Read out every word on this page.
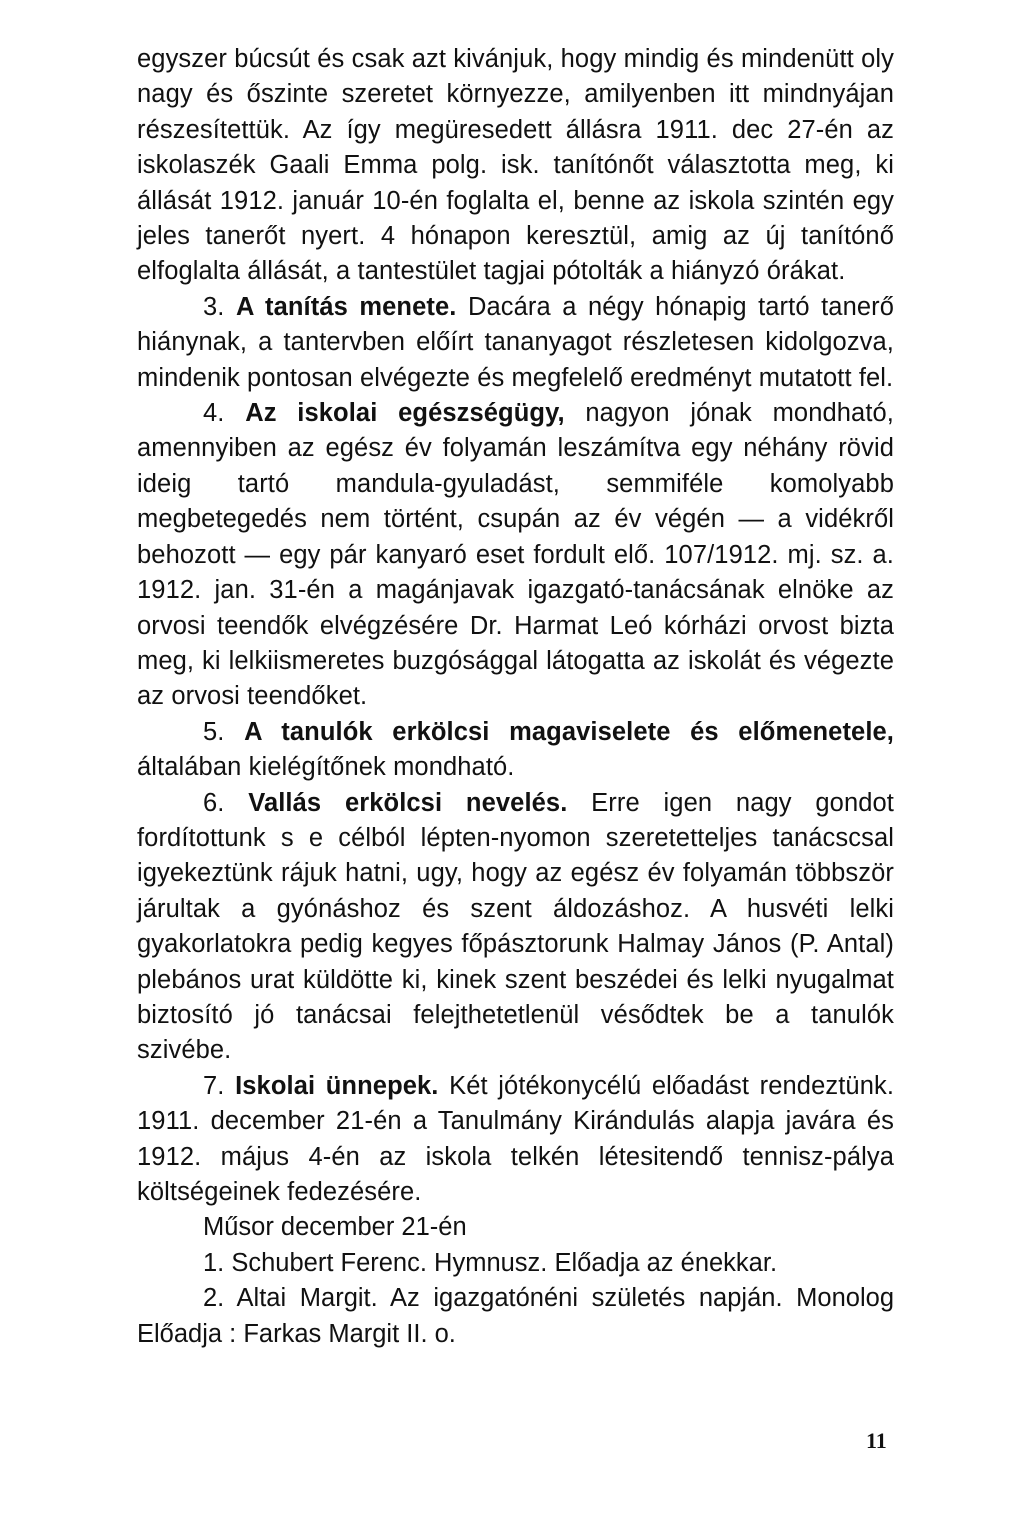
egyszer búcsút és csak azt kivánjuk, hogy mindig és mindenütt oly nagy és őszinte szeretet környezze, amilyenben itt mindnyájan részesítettük. Az így megüresedett állásra 1911. dec 27-én az iskolaszék Gaali Emma polg. isk. tanítónőt választotta meg, ki állását 1912. január 10-én foglalta el, benne az iskola szintén egy jeles tanerőt nyert. 4 hónapon keresztül, amig az új tanítónő elfoglalta állását, a tantestület tagjai pótolták a hiányzó órákat.

3. A tanítás menete. Dacára a négy hónapig tartó tanerő hiánynak, a tantervben előírt tananyagot részletesen kidolgozva, mindenik pontosan elvégezte és megfelelő eredményt mutatott fel.

4. Az iskolai egészségügy, nagyon jónak mondható, amennyiben az egész év folyamán leszámítva egy néhány rövid ideig tartó mandula-gyuladást, semmiféle komolyabb megbetegedés nem történt, csupán az év végén — a vidékről behozott — egy pár kanyaró eset fordult elő. 107/1912. mj. sz. a. 1912. jan. 31-én a magánjavak igazgató-tanácsának elnöke az orvosi teendők elvégzésére Dr. Harmat Leó kórházi orvost bizta meg, ki lelkiismeretes buzgósággal látogatta az iskolát és végezte az orvosi teendőket.

5. A tanulók erkölcsi magaviselete és előmenetele, általában kielégítőnek mondható.

6. Vallás erkölcsi nevelés. Erre igen nagy gondot fordítottunk s e célból lépten-nyomon szeretetteljes tanácscsal igyekeztünk rájuk hatni, ugy, hogy az egész év folyamán többször járultak a gyónáshoz és szent áldozáshoz. A husvéti lelki gyakorlatokra pedig kegyes főpásztorunk Halmay János (P. Antal) plebános urat küldötte ki, kinek szent beszédei és lelki nyugalmat biztosító jó tanácsai felejthetetlenül vésődtek be a tanulók szivébe.

7. Iskolai ünnepek. Két jótékonycélú előadást rendeztünk. 1911. december 21-én a Tanulmány Kirándulás alapja javára és 1912. május 4-én az iskola telkén létesitendő tennisz-pálya költségeinek fedezésére.

Műsor december 21-én

1. Schubert Ferenc. Hymnusz. Előadja az énekkar.

2. Altai Margit. Az igazgatónéni születés napján. Monolog Előadja : Farkas Margit II. o.

11
